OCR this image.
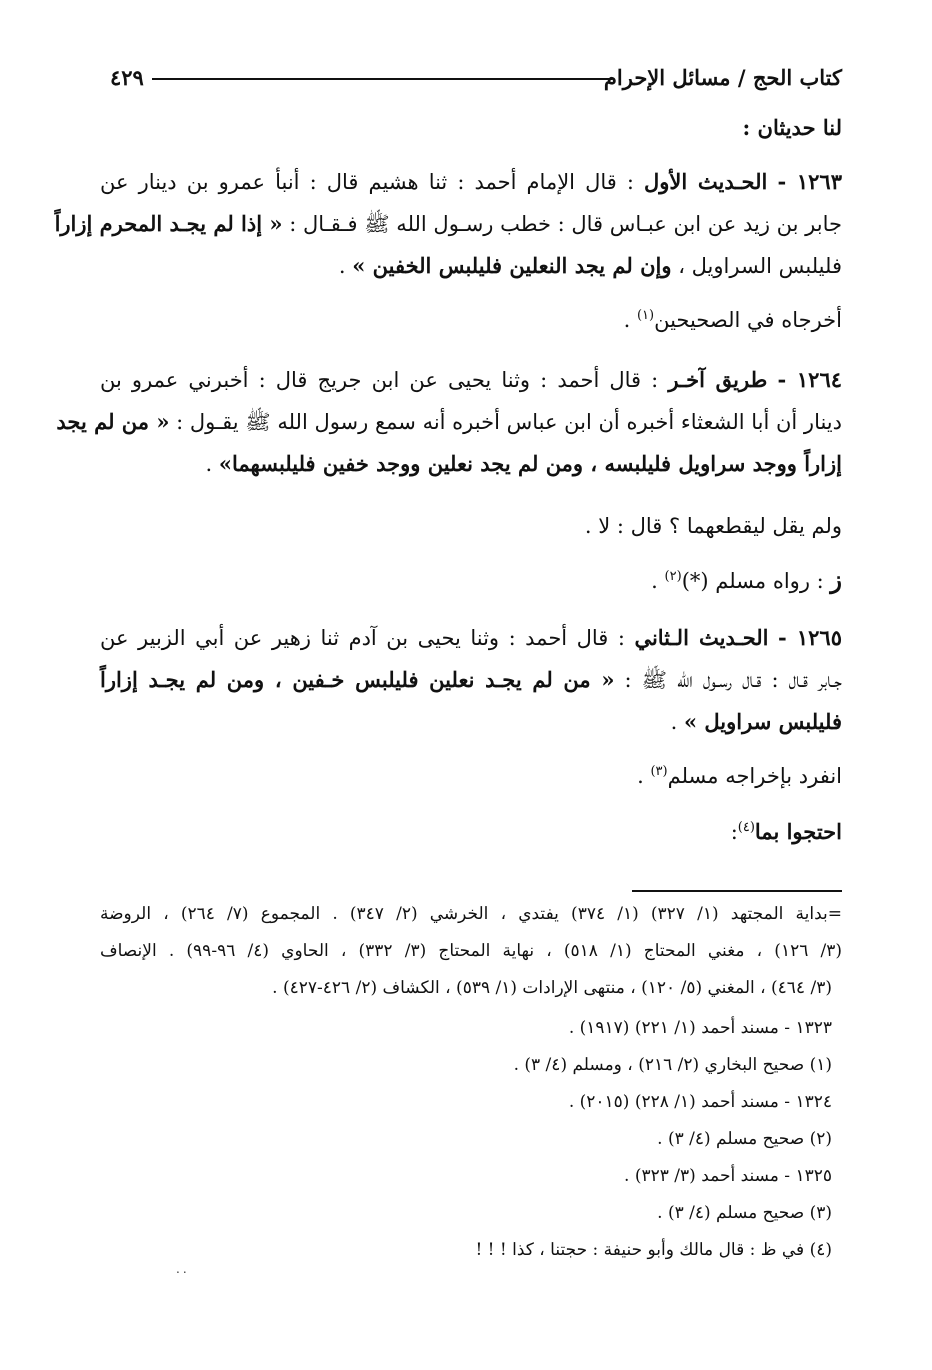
كتاب الحج / مسائل الإحرام
٤٢٩
لنا حديثان :
١٢٦٣ - الحـديث الأول : قال الإمام أحمد : ثنا هشيم قال : أنبأ عمرو بن دينار عن
جابر بن زيد عن ابن عبـاس قال : خطب رسـول الله ﷺ فـقـال : « إذا لم يجـد المحرم إزاراً
فليلبس السراويل ، وإن لم يجد النعلين فليلبس الخفين » .
أخرجاه في الصحيحين$^{(١)}$ .
١٢٦٤ - طريق آخـر : قال أحمد : وثنا يحيى عن ابن جريج قال : أخبرني عمرو بن
دينار أن أبا الشعثاء أخبره أن ابن عباس أخبره أنه سمع رسول الله ﷺ يقـول : « من لم يجد
إزاراً ووجد سراويل فليلبسه ، ومن لم يجد نعلين ووجد خفين فليلبسهما» .
ولم يقل ليقطعهما ؟ قال : لا .
ز : رواه مسلم $(*)^{(٢)}$ .
١٢٦٥ - الحـديث الـثاني : قال أحمد : وثنا يحيى بن آدم ثنا زهير عن أبي الزبير عن
جـابر قـال : قـال رسـول الله ﷺ : « من لم يجـد نعلين فليلبس خـفين ، ومن لم يجـد إزاراً
فليلبس سراويل » .
انفرد بإخراجه مسلم$^{(٣)}$ .
احتجوا بما$^{(٤)}$:
=بداية المجتهد (١/ ٣٢٧) (١/ ٣٧٤) يفتدي ، الخرشي (٢/ ٣٤٧) . المجموع (٧/ ٢٦٤) ، الروضة
(٣/ ١٢٦) ، مغني المحتاج (١/ ٥١٨) ، نهاية المحتاج (٣/ ٣٣٢) ، الحاوي (٤/ ٩٦-٩٩) . الإنصاف
(٣/ ٤٦٤) ، المغني (٥/ ١٢٠) ، منتهى الإرادات (١/ ٥٣٩) ، الكشاف (٢/ ٤٢٦-٤٢٧) .
١٣٢٣ - مسند أحمد (١/ ٢٢١) (١٩١٧) .
(١) صحيح البخاري (٢/ ٢١٦) ، ومسلم (٤/ ٣) .
١٣٢٤ - مسند أحمد (١/ ٢٢٨) (٢٠١٥) .
(٢) صحيح مسلم (٤/ ٣) .
١٣٢٥ - مسند أحمد (٣/ ٣٢٣) .
(٣) صحيح مسلم (٤/ ٣) .
(٤) في ظ : قال مالك وأبو حنيفة : حجتنا ، كذا ! ! !
..
